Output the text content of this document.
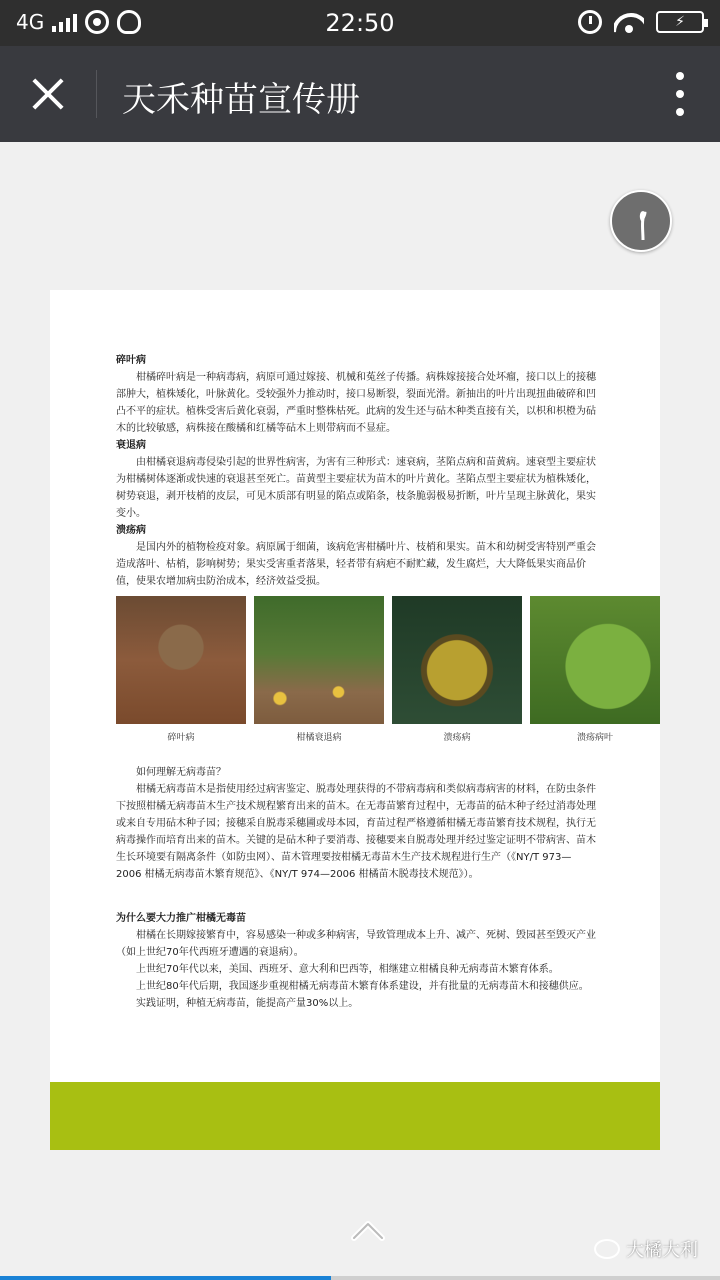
4G	22:50	⚡
天禾种苗宣传册
碎叶病

柑橘碎叶病是一种病毒病，病原可通过嫁接、机械和菟丝子传播。病株嫁接接合处坏瘤，接口以上的接穗部肿大，植株矮化，叶脉黄化。受较强外力推动时，接口易断裂，裂面光滑。新抽出的叶片出现扭曲破碎和凹凸不平的症状。植株受害后黄化衰弱，严重时整株枯死。此病的发生还与砧木种类直接有关，以枳和枳橙为砧木的比较敏感，病株接在酸橘和红橘等砧木上则带病而不显症。

衰退病

由柑橘衰退病毒侵染引起的世界性病害，为害有三种形式：速衰病，茎陷点病和苗黄病。速衰型主要症状为柑橘树体逐渐或快速的衰退甚至死亡。苗黄型主要症状为苗木的叶片黄化。茎陷点型主要症状为植株矮化，树势衰退，剥开枝梢的皮层，可见木质部有明显的陷点或陷条，枝条脆弱极易折断，叶片呈现主脉黄化，果实变小。

溃疡病

是国内外的植物检疫对象。病原属于细菌，该病危害柑橘叶片、枝梢和果实。苗木和幼树受害特别严重会造成落叶、枯梢，影响树势；果实受害重者落果，轻者带有病疤不耐贮藏，发生腐烂，大大降低果实商品价值，使果农增加病虫防治成本，经济效益受损。

碎叶病	柑橘衰退病	溃疡病	溃疡病叶

如何理解无病毒苗？

柑橘无病毒苗木是指使用经过病害鉴定、脱毒处理获得的不带病毒病和类似病毒病害的材料，在防虫条件下按照柑橘无病毒苗木生产技术规程繁育出来的苗木。在无毒苗繁育过程中，无毒苗的砧木种子经过消毒处理或来自专用砧木种子园；接穗采自脱毒采穗圃或母本园，育苗过程严格遵循柑橘无毒苗繁育技术规程，执行无病毒操作而培育出来的苗木。关键的是砧木种子要消毒、接穗要来自脱毒处理并经过鉴定证明不带病害、苗木生长环境要有隔离条件（如防虫网）、苗木管理要按柑橘无毒苗木生产技术规程进行生产（《NY/T 973—2006 柑橘无病毒苗木繁育规范》、《NY/T 974—2006 柑橘苗木脱毒技术规范》）。

为什么要大力推广柑橘无毒苗

柑橘在长期嫁接繁育中，容易感染一种或多种病害，导致管理成本上升、减产、死树、毁园甚至毁灭产业（如上世纪70年代西班牙遭遇的衰退病）。

上世纪70年代以来，美国、西班牙、意大利和巴西等，相继建立柑橘良种无病毒苗木繁育体系。

上世纪80年代后期，我国逐步重视柑橘无病毒苗木繁育体系建设，并有批量的无病毒苗木和接穗供应。

实践证明，种植无病毒苗，能提高产量30%以上。

大橘大利
